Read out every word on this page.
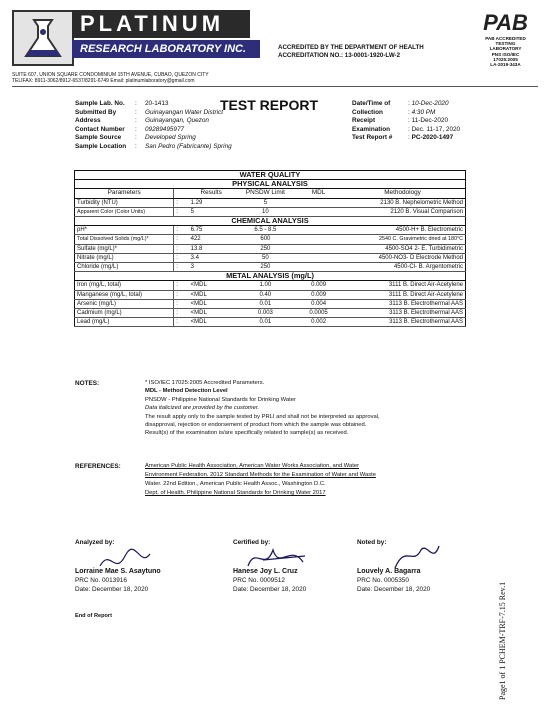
PLATINUM
RESEARCH LABORATORY INC.	ACCREDITED BY THE DEPARTMENT OF HEALTH
ACCREDITATION NO.: 13-0001-1920-LW-2
PAB
PAB ACCREDITED
TESTING
LABORATORY
PNS ISO/IEC
17025:2005
LA-2019-343A
SUITE 607, UNION SQUARE CONDOMINIUM 15TH AVENUE, CUBAO, QUEZON CITY
TELIFAX: 8911-3062/8912-6537/8291-6749 Email: platinumlaboratory@gmail.com
TEST REPORT
Sample Lab. No.	:	20-1413
Submitted By	:	Guinayangan Water District
Address	:	Guinayangan, Quezon
Contact Number	:	09289495977
Sample Source	:	Developed Spring
Sample Location	:	San Pedro (Fabricante) Spring
Date/Time of	: 10-Dec-2020
Collection	: 4:30 PM
Receipt	: 11-Dec-2020
Examination	: Dec. 11-17, 2020
Test Report #	: PC-2020-1497
WATER QUALITY					
PHYSICAL ANALYSIS					
Parameters		Results	PNSDW Limit	MDL	Methodology
Turbidity (NTU)	:	1.29	5		2130 B. Nephelometric Method
Apparent Color (Color Units)	:	5	10		2120 B. Visual Comparison
CHEMICAL ANALYSIS					
pH*	:	6.75	6.5 - 8.5		4500-H+ B. Electrometric
Total Dissolved Solids (mg/L)*	:	422	600		2540 C. Gravimetric dried at 180°C
Sulfate (mg/L)*	:	13.8	250		4500-SO4 2- E. Turbidimetric
Nitrate (mg/L)	:	3.4	50		4500-NO3- D Electrode Method
Chloride (mg/L)	:	3	250		4500-Cl- B. Argentometric
METAL ANALYSIS (mg/L)					
Iron (mg/L, total)	:	<MDL	1.00	0.009	3111 B. Direct Air-Acetylene
Manganese (mg/L, total)	:	<MDL	0.40	0.009	3111 B. Direct Air-Acetylene
Arsenic (mg/L)	:	<MDL	0.01	0.004	3113 B. Electrothermal AAS
Cadmium (mg/L)	:	<MDL	0.003	0.0005	3113 B. Electrothermal AAS
Lead (mg/L)	:	<MDL	0.01	0.002	3113 B. Electrothermal AAS
NOTES:	* ISO/IEC 17025:2005 Accredited Parameters.
MDL - Method Detection Level
PNSDW - Philippine National Standards for Drinking Water
Data italicized are provided by the customer.
The result apply only to the sample tested by PRLI and shall not be interpreted as approval,
disapproval, rejection or endorsement of product from which the sample was obtained.
Result(s) of the examination is/are specifically related to sample(s) as received.
REFERENCES:	American Public Health Association, American Water Works Association, and Water
Environment Federation. 2012 Standard Methods for the Examination of Water and Waste
Water. 22nd Edition., American Public Health Assoc., Washington D.C.
Dept. of Health. Philippine National Standards for Drinking Water 2017
Analyzed by:
Lorraine Mae S. Asaytuno
PRC No. 0013916
Date: December 18, 2020
Certified by:
Hanese Joy L. Cruz
PRC No. 0009512
Date: December 18, 2020
Noted by:
Louvely A. Bagarra
PRC No. 0005350
Date: December 18, 2020
End of Report	Page1 of 1 PCHEM-TRF-7.15 Rev.1
